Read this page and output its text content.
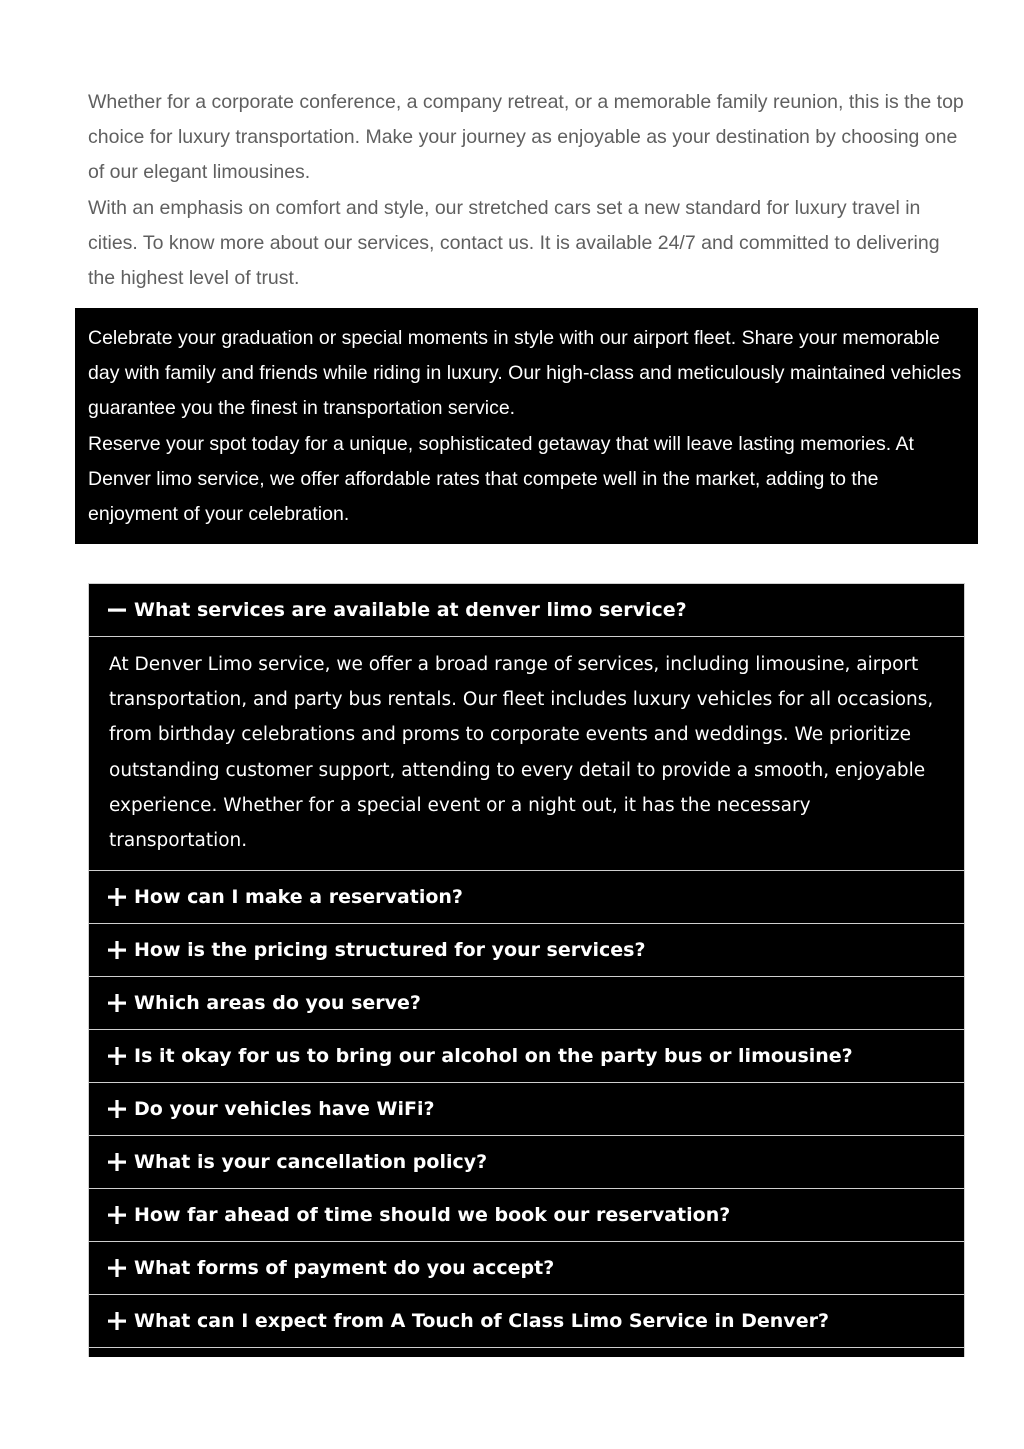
Whether for a corporate conference, a company retreat, or a memorable family reunion, this is the top choice for luxury transportation. Make your journey as enjoyable as your destination by choosing one of our elegant limousines.

With an emphasis on comfort and style, our stretched cars set a new standard for luxury travel in cities. To know more about our services, contact us. It is available 24/7 and committed to delivering the highest level of trust.

Celebrate your graduation or special moments in style with our airport fleet. Share your memorable day with family and friends while riding in luxury. Our high-class and meticulously maintained vehicles guarantee you the finest in transportation service.

Reserve your spot today for a unique, sophisticated getaway that will leave lasting memories. At Denver limo service, we offer affordable rates that compete well in the market, adding to the enjoyment of your celebration.

What services are available at denver limo service?
At Denver Limo service, we offer a broad range of services, including limousine, airport transportation, and party bus rentals. Our fleet includes luxury vehicles for all occasions, from birthday celebrations and proms to corporate events and weddings. We prioritize outstanding customer support, attending to every detail to provide a smooth, enjoyable experience. Whether for a special event or a night out, it has the necessary transportation.
How can I make a reservation?
How is the pricing structured for your services?
Which areas do you serve?
Is it okay for us to bring our alcohol on the party bus or limousine?
Do your vehicles have WiFi?
What is your cancellation policy?
How far ahead of time should we book our reservation?
What forms of payment do you accept?
What can I expect from A Touch of Class Limo Service in Denver?
